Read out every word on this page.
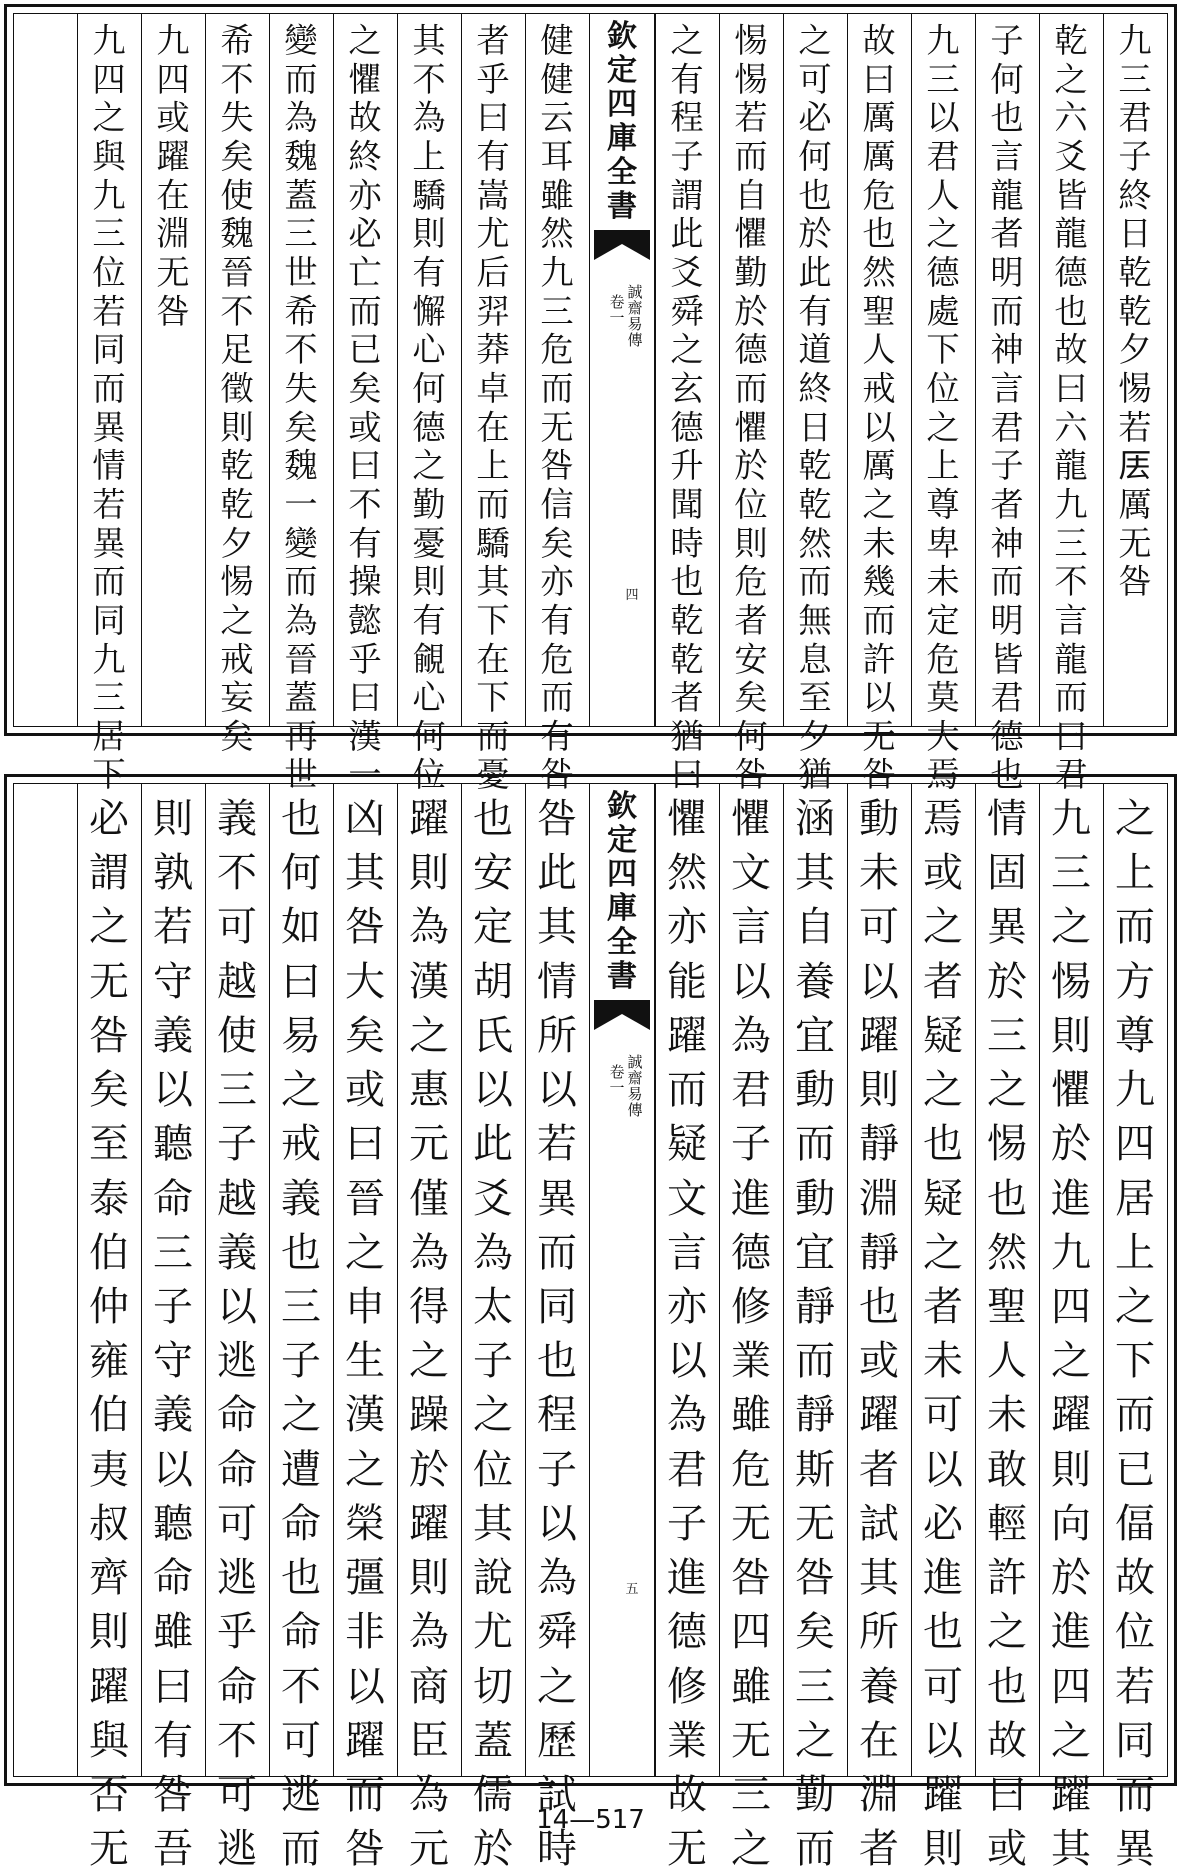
九
三
君
子
終
日
乾
乾
夕
惕
若
𠩂
厲
无
咎
乾
之
六
爻
皆
龍
德
也
故
曰
六
龍
九
三
不
言
龍
而
曰
君
子
何
也
言
龍
者
明
而
神
言
君
子
者
神
而
明
皆
君
德
也
九
三
以
君
人
之
德
處
下
位
之
上
尊
卑
未
定
危
莫
大
焉
故
曰
厲
厲
危
也
然
聖
人
戒
以
厲
之
未
幾
而
許
以
无
咎
之
可
必
何
也
於
此
有
道
終
日
乾
乾
然
而
無
息
至
夕
猶
惕
惕
若
而
自
懼
勤
於
德
而
懼
於
位
則
危
者
安
矣
何
咎
之
有
程
子
謂
此
爻
舜
之
玄
德
升
聞
時
也
乾
乾
者
猶
曰
欽
定
四
庫
全
書
誠
齋
易
傳
卷
一
四
健
健
云
耳
雖
然
九
三
危
而
无
咎
信
矣
亦
有
危
而
有
咎
者
乎
曰
有
嵩
尤
后
羿
莽
卓
在
上
而
驕
其
下
在
下
而
憂
其
不
為
上
驕
則
有
懈
心
何
德
之
勤
憂
則
有
覦
心
何
位
之
懼
故
終
亦
必
亡
而
已
矣
或
曰
不
有
操
懿
乎
曰
漢
一
變
而
為
魏
蓋
三
世
希
不
失
矣
魏
一
變
而
為
晉
蓋
再
世
希
不
失
矣
使
魏
晉
不
足
徵
則
乾
乾
夕
惕
之
戒
妄
矣
九
四
或
躍
在
淵
无
咎
九
四
之
與
九
三
位
若
同
而
異
情
若
異
而
同
九
三
居
下
之
上
而
方
尊
九
四
居
上
之
下
而
已
偪
故
位
若
同
而
異
九
三
之
惕
則
懼
於
進
九
四
之
躍
則
向
於
進
四
之
躍
其
情
固
異
於
三
之
惕
也
然
聖
人
未
敢
輕
許
之
也
故
曰
或
焉
或
之
者
疑
之
也
疑
之
者
未
可
以
必
進
也
可
以
躍
則
動
未
可
以
躍
則
靜
淵
靜
也
或
躍
者
試
其
所
養
在
淵
者
涵
其
自
養
宜
動
而
動
宜
靜
而
靜
斯
无
咎
矣
三
之
勤
而
懼
文
言
以
為
君
子
進
德
修
業
雖
危
无
咎
四
雖
无
三
之
懼
然
亦
能
躍
而
疑
文
言
亦
以
為
君
子
進
德
修
業
故
无
欽
定
四
庫
全
書
誠
齋
易
傳
卷
一
五
咎
此
其
情
所
以
若
異
而
同
也
程
子
以
為
舜
之
歷
試
時
也
安
定
胡
氏
以
此
爻
為
太
子
之
位
其
說
尤
切
蓋
儒
於
躍
則
為
漢
之
惠
元
僅
為
得
之
躁
於
躍
則
為
商
臣
為
元
凶
其
咎
大
矣
或
曰
晉
之
申
生
漢
之
榮
彊
非
以
躍
而
咎
也
何
如
曰
易
之
戒
義
也
三
子
之
遭
命
也
命
不
可
逃
而
義
不
可
越
使
三
子
越
義
以
逃
命
命
可
逃
乎
命
不
可
逃
則
孰
若
守
義
以
聽
命
三
子
守
義
以
聽
命
雖
曰
有
咎
吾
必
謂
之
无
咎
矣
至
泰
伯
仲
雍
伯
夷
叔
齊
則
躍
與
否
无
14—517
